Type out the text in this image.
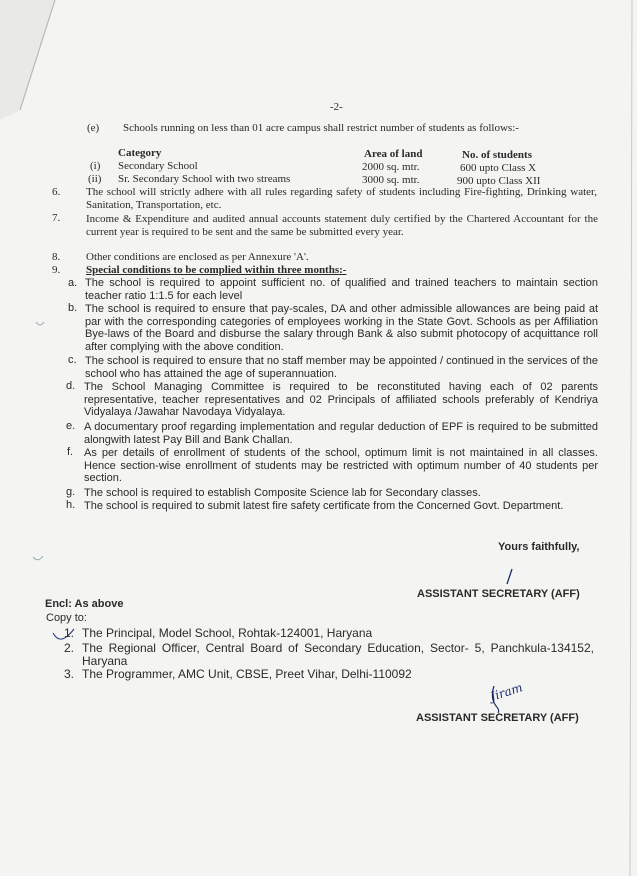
-2-
(e) Schools running on less than 01 acre campus shall restrict number of students as follows:-
Category	Area of land	No. of students
(i) Secondary School	2000 sq. mtr.	600 upto Class X
(ii) Sr. Secondary School with two streams	3000 sq. mtr.	900 upto Class XII
6. The school will strictly adhere with all rules regarding safety of students including Fire-fighting, Drinking water, Sanitation, Transportation, etc.
7. Income & Expenditure and audited annual accounts statement duly certified by the Chartered Accountant for the current year is required to be sent and the same be submitted every year.
8. Other conditions are enclosed as per Annexure 'A'.
9. Special conditions to be complied within three months:-
a. The school is required to appoint sufficient no. of qualified and trained teachers to maintain section teacher ratio 1:1.5 for each level
b. The school is required to ensure that pay-scales, DA and other admissible allowances are being paid at par with the corresponding categories of employees working in the State Govt. Schools as per Affiliation Bye-laws of the Board and disburse the salary through Bank & also submit photocopy of acquittance roll after complying with the above condition.
c. The school is required to ensure that no staff member may be appointed / continued in the services of the school who has attained the age of superannuation.
d. The School Managing Committee is required to be reconstituted having each of 02 parents representative, teacher representatives and 02 Principals of affiliated schools preferably of Kendriya Vidyalaya /Jawahar Navodaya Vidyalaya.
e. A documentary proof regarding implementation and regular deduction of EPF is required to be submitted alongwith latest Pay Bill and Bank Challan.
f. As per details of enrollment of students of the school, optimum limit is not maintained in all classes. Hence section-wise enrollment of students may be restricted with optimum number of 40 students per section.
g. The school is required to establish Composite Science lab for Secondary classes.
h. The school is required to submit latest fire safety certificate from the Concerned Govt. Department.
Yours faithfully,
ASSISTANT SECRETARY (AFF)
Encl: As above
Copy to:
1. The Principal, Model School, Rohtak-124001, Haryana
2. The Regional Officer, Central Board of Secondary Education, Sector- 5, Panchkula-134152, Haryana
3. The Programmer, AMC Unit, CBSE, Preet Vihar, Delhi-110092
Jiram
ASSISTANT SECRETARY (AFF)
